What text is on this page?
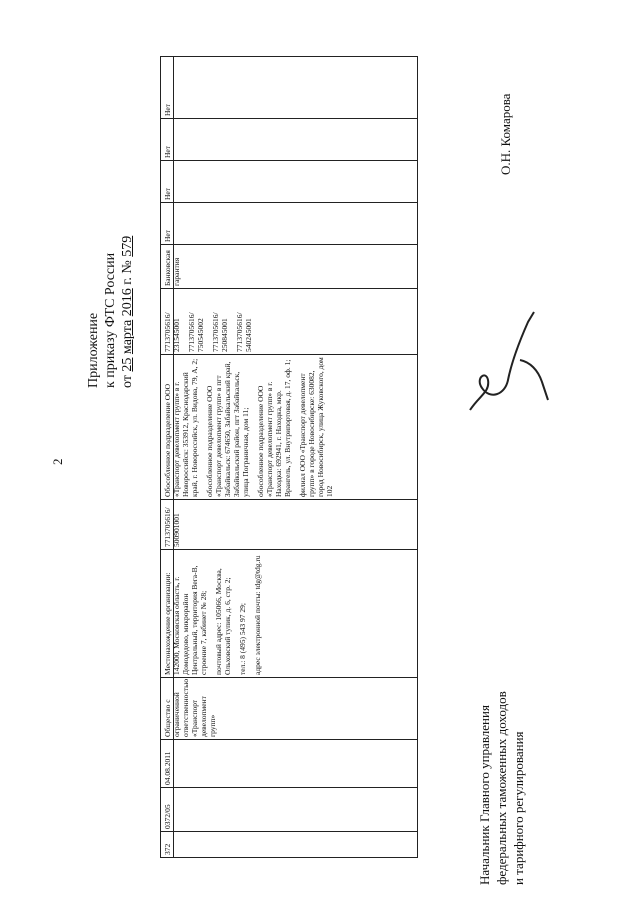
2
Приложение к приказу ФТС России от 25 марта 2016 г. № 579
372
0372/05
04.08.2011
Общество с ограниченной ответственностью «Транспорт девелопмент групп»

Местонахождение организации: 142000, Московская область, г. Домодедово, микрорайон Центральный, территория Вега-В, строение 7, кабинет № 28; почтовый адрес: 105066, Москва, Ольховский тупик, д. 6, стр. 2; тел.: 8 (495) 543 97 29; адрес электронной почты: tdg@tdg.ru

7713705616/ 500901001

Обособленное подразделение ООО «Транспорт девелопмент групп» в г. Новороссийск: 353912, Краснодарский край, г. Новороссийск, ул. Видова, 79, А, 2; обособленное подразделение ООО «Транспорт девелопмент групп» в пгт Забайкальск: 674650, Забайкальский край, Забайкальский район, пгт Забайкальск, улица Пограничная, дом 11; обособленное подразделение ООО «Транспорт девелопмент групп» в г. Находка: 692941, г. Находка, мкр. Врангель, ул. Внутрипортовая, д. 17, оф. 1; филиал ООО «Транспорт девелопмент групп» в городе Новосибирске: 630082, город Новосибирск, улица Жуковского, дом 102

7713705616/ 231545001 7713705616/ 750545002 7713705616/ 250845001 7713705616/ 540245001

Банковская гарантия
Нет
Нет
Нет
Нет
Начальник Главного управления федеральных таможенных доходов и тарифного регулирования
О.Н. Комарова
